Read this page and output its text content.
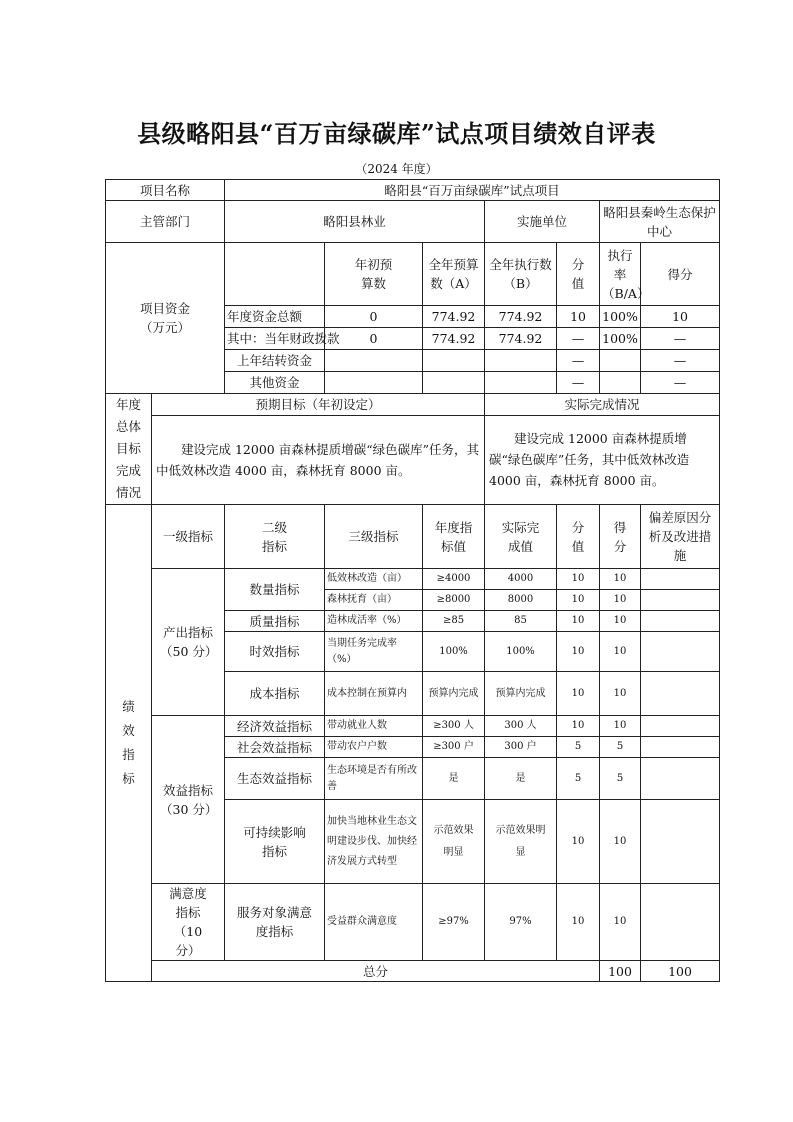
县级略阳县“百万亩绿碳库”试点项目绩效自评表
（2024 年度）
项目名称		略阳县“百万亩绿碳库”试点项目							
主管部门		略阳县林业			实施单位		略阳县秦岭生态保护中心		
项目资金（万元）			年初预算数	全年预算数（A）	全年执行数（B）	分值	执行率（B/A）	得分	
		年度资金总额	0	774.92	774.92	10	100%	10	
		其中：当年财政拨款	0	774.92	774.92	—	100%	—	
		上年结转资金				—		—	
		其他资金				—		—	
年度总体目标完成情况	预期目标（年初设定）				实际完成情况				
	建设完成 12000 亩森林提质增碳“绿色碳库”任务，其中低效林改造 4000 亩，森林抚育 8000 亩。				建设完成 12000 亩森林提质增碳“绿色碳库”任务，其中低效林改造 4000 亩，森林抚育 8000 亩。				
绩效指标	一级指标	二级指标	三级指标	年度指标值	实际完成值	分值	得分	偏差原因分析及改进措施	
	产出指标（50 分）	数量指标	低效林改造（亩）	≥4000	4000	10	10		
			森林抚育（亩）	≥8000	8000	10	10		
		质量指标	造林成活率（%）	≥85	85	10	10		
		时效指标	当期任务完成率（%）	100%	100%	10	10		
		成本指标	成本控制在预算内	预算内完成	预算内完成	10	10		
	效益指标（30 分）	经济效益指标	带动就业人数	≥300 人	300 人	10	10		
		社会效益指标	带动农户户数	≥300 户	300 户	5	5		
		生态效益指标	生态环境是否有所改善	是	是	5	5		
		可持续影响指标	加快当地林业生态文明建设步伐、加快经济发展方式转型	示范效果明显	示范效果明显	10	10		
	满意度指标（10 分）	服务对象满意度指标	受益群众满意度	≥97%	97%	10	10		
	总分						100	100	
